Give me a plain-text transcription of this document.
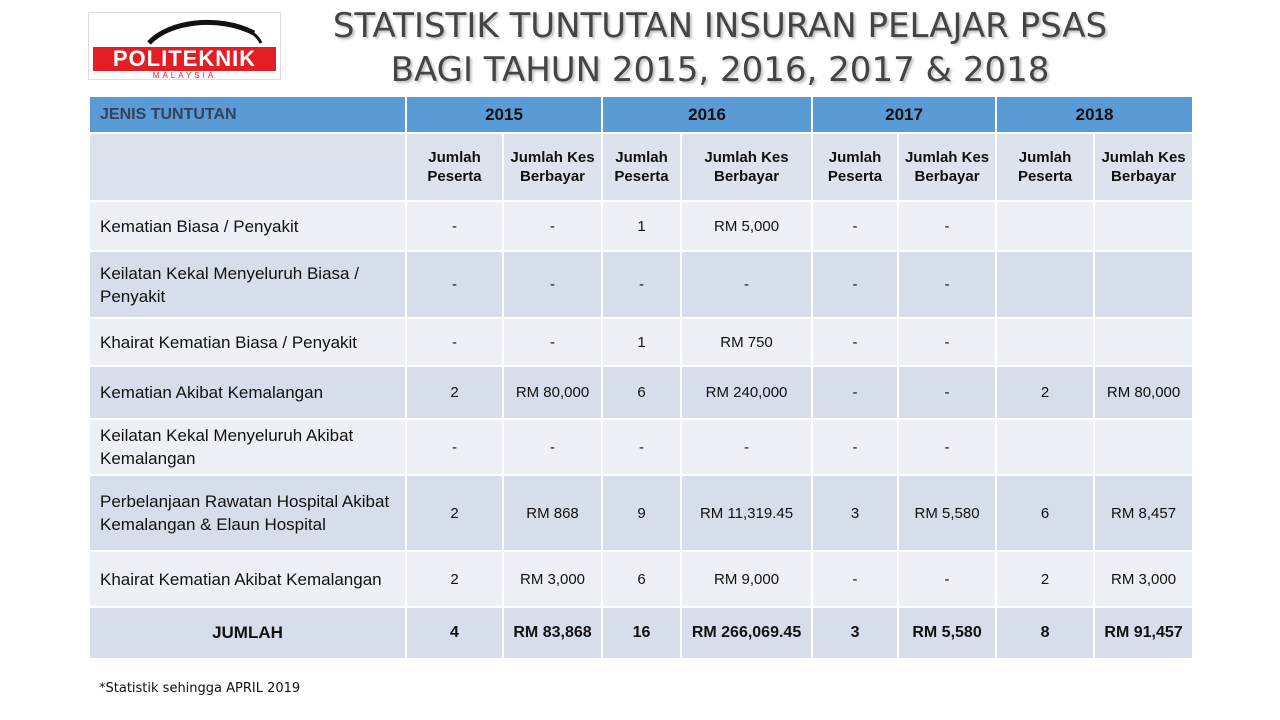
POLITEKNIK
MALAYSIA
STATISTIK TUNTUTAN INSURAN PELAJAR PSAS
BAGI TAHUN 2015, 2016, 2017 & 2018
JENIS TUNTUTAN	2015		2016		2017		2018	
	Jumlah Peserta	Jumlah Kes Berbayar	Jumlah Peserta	Jumlah Kes Berbayar	Jumlah Peserta	Jumlah Kes Berbayar	Jumlah Peserta	Jumlah Kes Berbayar
Kematian Biasa / Penyakit	-	-	1	RM 5,000	-	-		
Keilatan Kekal Menyeluruh Biasa / Penyakit	-	-	-	-	-	-		
Khairat Kematian Biasa / Penyakit	-	-	1	RM 750	-	-		
Kematian Akibat Kemalangan	2	RM 80,000	6	RM 240,000	-	-	2	RM 80,000
Keilatan Kekal Menyeluruh Akibat Kemalangan	-	-	-	-	-	-		
Perbelanjaan Rawatan Hospital Akibat Kemalangan & Elaun Hospital	2	RM 868	9	RM 11,319.45	3	RM 5,580	6	RM 8,457
Khairat Kematian Akibat Kemalangan	2	RM 3,000	6	RM 9,000	-	-	2	RM 3,000
JUMLAH	4	RM 83,868	16	RM 266,069.45	3	RM 5,580	8	RM 91,457
*Statistik sehingga APRIL 2019
